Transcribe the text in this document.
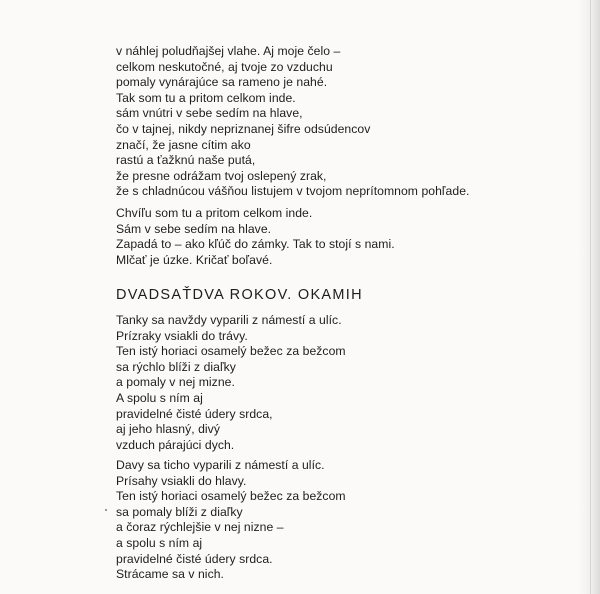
v náhlej poludňajšej vlahe. Aj moje čelo –
celkom neskutočné, aj tvoje zo vzduchu
pomaly vynárajúce sa rameno je nahé.
Tak som tu a pritom celkom inde.
sám vnútri v sebe sedím na hlave,
čo v tajnej, nikdy nepriznanej šifre odsúdencov
značí, že jasne cítim ako
rastú a ťažknú naše putá,
že presne odrážam tvoj oslepený zrak,
že s chladnúcou vášňou listujem v tvojom neprítomnom pohľade.
Chvíľu som tu a pritom celkom inde.
Sám v sebe sedím na hlave.
Zapadá to – ako kľúč do zámky. Tak to stojí s nami.
Mlčať je úzke. Kričať boľavé.
DVADSAŤDVA ROKOV. OKAMIH
Tanky sa navždy vyparili z námestí a ulíc.
Prízraky vsiakli do trávy.
Ten istý horiaci osamelý bežec za bežcom
sa rýchlo blíži z diaľky
a pomaly v nej mizne.
A spolu s ním aj
pravidelné čisté údery srdca,
aj jeho hlasný, divý
vzduch párajúci dych.
Davy sa ticho vyparili z námestí a ulíc.
Prísahy vsiakli do hlavy.
Ten istý horiaci osamelý bežec za bežcom
sa pomaly blíži z diaľky
a čoraz rýchlejšie v nej nizne –
a spolu s ním aj
pravidelné čisté údery srdca.
Strácame sa v nich.
